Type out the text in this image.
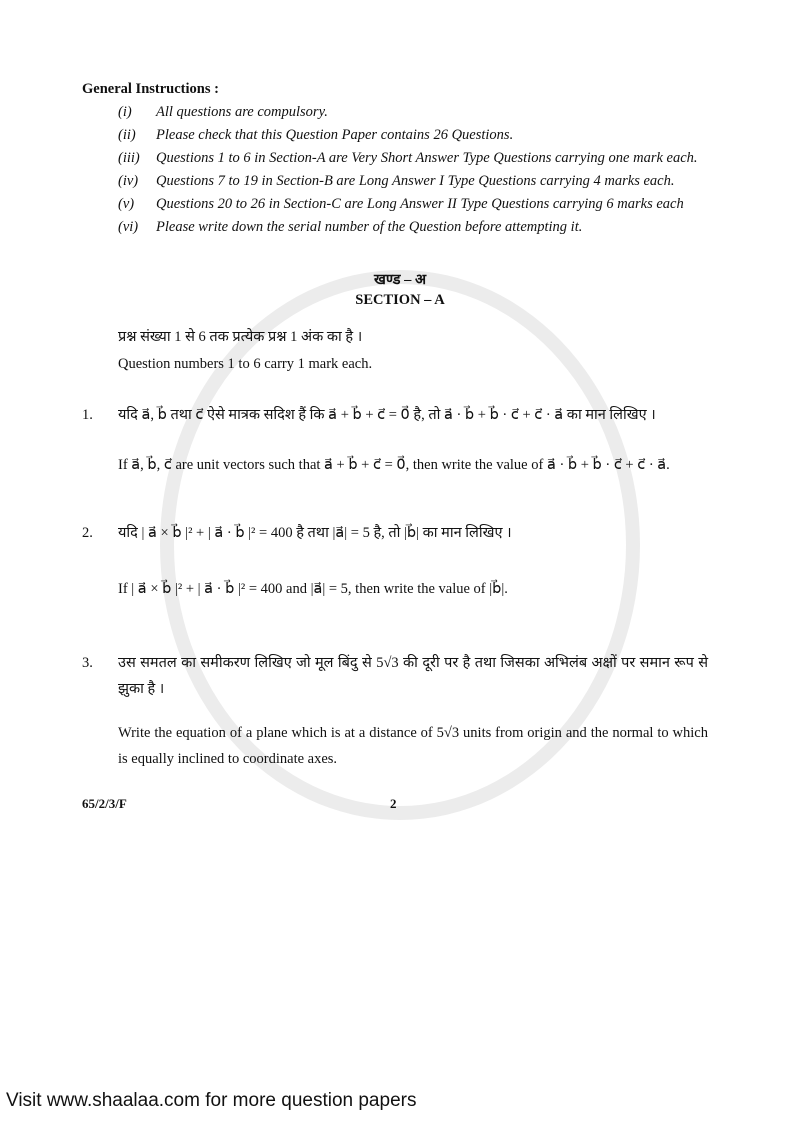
General Instructions :
(i)	All questions are compulsory.
(ii)	Please check that this Question Paper contains 26 Questions.
(iii)	Questions 1 to 6 in Section-A are Very Short Answer Type Questions carrying one mark each.
(iv)	Questions 7 to 19 in Section-B are Long Answer I Type Questions carrying 4 marks each.
(v)	Questions 20 to 26 in Section-C are Long Answer II Type Questions carrying 6 marks each
(vi)	Please write down the serial number of the Question before attempting it.
खण्ड – अ
SECTION – A
प्रश्न संख्या 1 से 6 तक प्रत्येक प्रश्न 1 अंक का है ।
Question numbers 1 to 6 carry 1 mark each.
1.	यदि a⃗, b⃗ तथा c⃗ ऐसे मात्रक सदिश हैं कि a⃗ + b⃗ + c⃗ = 0⃗ है, तो a⃗ · b⃗ + b⃗ · c⃗ + c⃗ · a⃗ का मान लिखिए ।
If a⃗, b⃗, c⃗ are unit vectors such that a⃗ + b⃗ + c⃗ = 0⃗, then write the value of a⃗ · b⃗ + b⃗ · c⃗ + c⃗ · a⃗.
2.	यदि | a⃗ × b⃗ |² + | a⃗ · b⃗ |² = 400 है तथा |a⃗| = 5 है, तो |b⃗| का मान लिखिए ।
If | a⃗ × b⃗ |² + | a⃗ · b⃗ |² = 400 and |a⃗| = 5, then write the value of |b⃗|.
3.	उस समतल का समीकरण लिखिए जो मूल बिंदु से 5√3 की दूरी पर है तथा जिसका अभिलंब अक्षों पर समान रूप से झुका है ।
Write the equation of a plane which is at a distance of 5√3 units from origin and the normal to which is equally inclined to coordinate axes.
65/2/3/F	2
Visit www.shaalaa.com for more question papers
